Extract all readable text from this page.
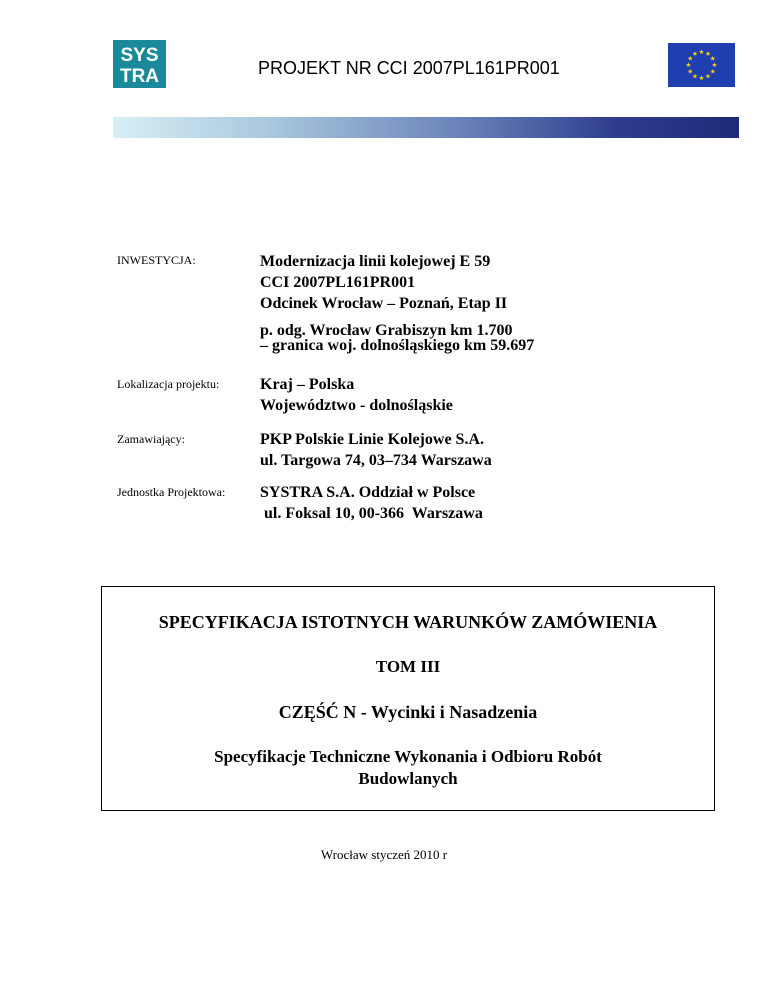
SYS
TRA	PROJEKT NR CCI 2007PL161PR001
INWESTYCJA:	Modernizacja linii kolejowej E 59
CCI 2007PL161PR001
Odcinek Wrocław – Poznań, Etap II
p. odg. Wrocław Grabiszyn km 1.700
– granica woj. dolnośląskiego km 59.697
Lokalizacja projektu:	Kraj – Polska
Województwo - dolnośląskie
Zamawiający:	PKP Polskie Linie Kolejowe S.A.
ul. Targowa 74, 03–734 Warszawa
Jednostka Projektowa: SYSTRA S.A. Oddział w Polsce
ul. Foksal 10, 00-366  Warszawa
SPECYFIKACJA ISTOTNYCH WARUNKÓW ZAMÓWIENIA
TOM III
CZĘŚĆ N - Wycinki i Nasadzenia
Specyfikacje Techniczne Wykonania i Odbioru Robót
Budowlanych
Wrocław styczeń 2010 r
